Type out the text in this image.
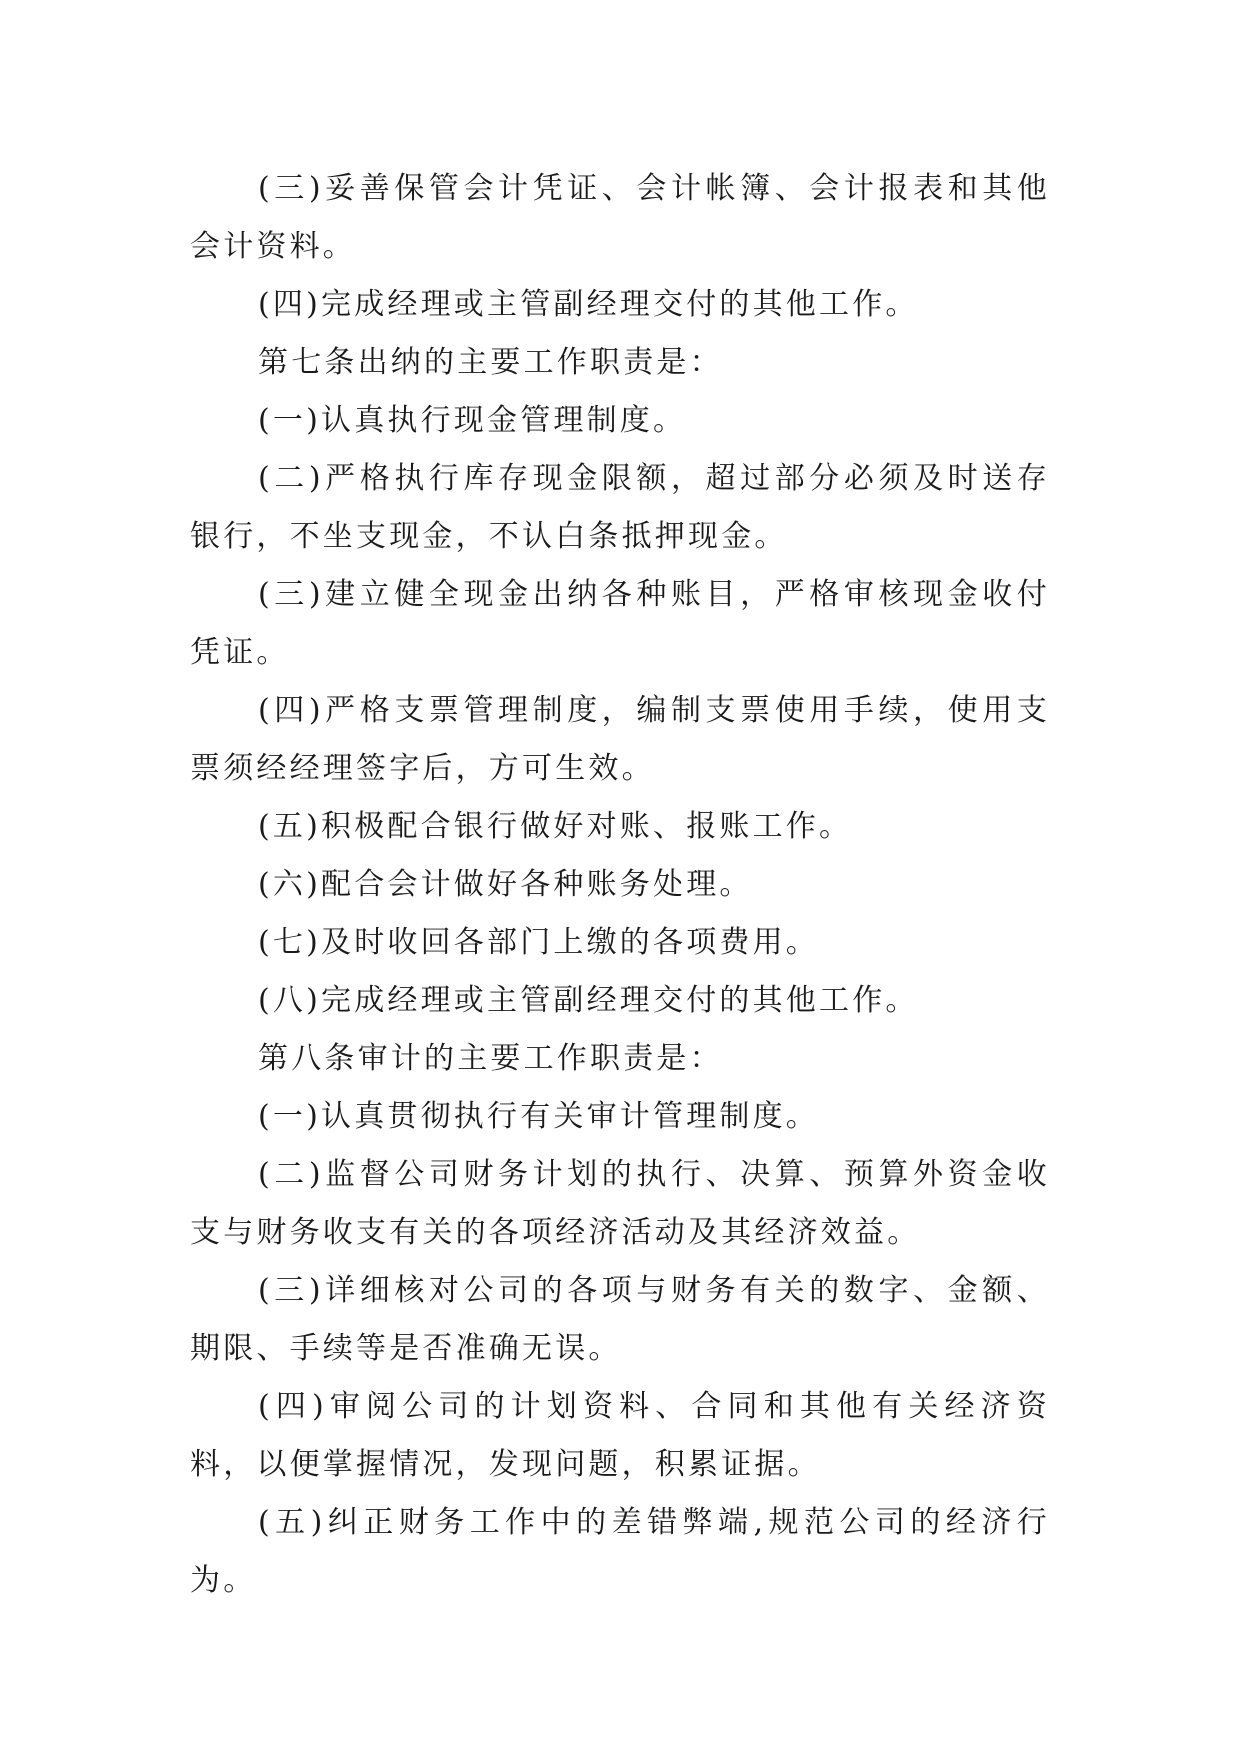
(三)妥善保管会计凭证、会计帐簿、会计报表和其他会计资料。

(四)完成经理或主管副经理交付的其他工作。

第七条出纳的主要工作职责是：

(一)认真执行现金管理制度。

(二)严格执行库存现金限额，超过部分必须及时送存银行，不坐支现金，不认白条抵押现金。

(三)建立健全现金出纳各种账目，严格审核现金收付凭证。

(四)严格支票管理制度，编制支票使用手续，使用支票须经经理签字后，方可生效。

(五)积极配合银行做好对账、报账工作。

(六)配合会计做好各种账务处理。

(七)及时收回各部门上缴的各项费用。

(八)完成经理或主管副经理交付的其他工作。

第八条审计的主要工作职责是：

(一)认真贯彻执行有关审计管理制度。

(二)监督公司财务计划的执行、决算、预算外资金收支与财务收支有关的各项经济活动及其经济效益。

(三)详细核对公司的各项与财务有关的数字、金额、期限、手续等是否准确无误。

(四)审阅公司的计划资料、合同和其他有关经济资料，以便掌握情况，发现问题，积累证据。

(五)纠正财务工作中的差错弊端,规范公司的经济行为。
